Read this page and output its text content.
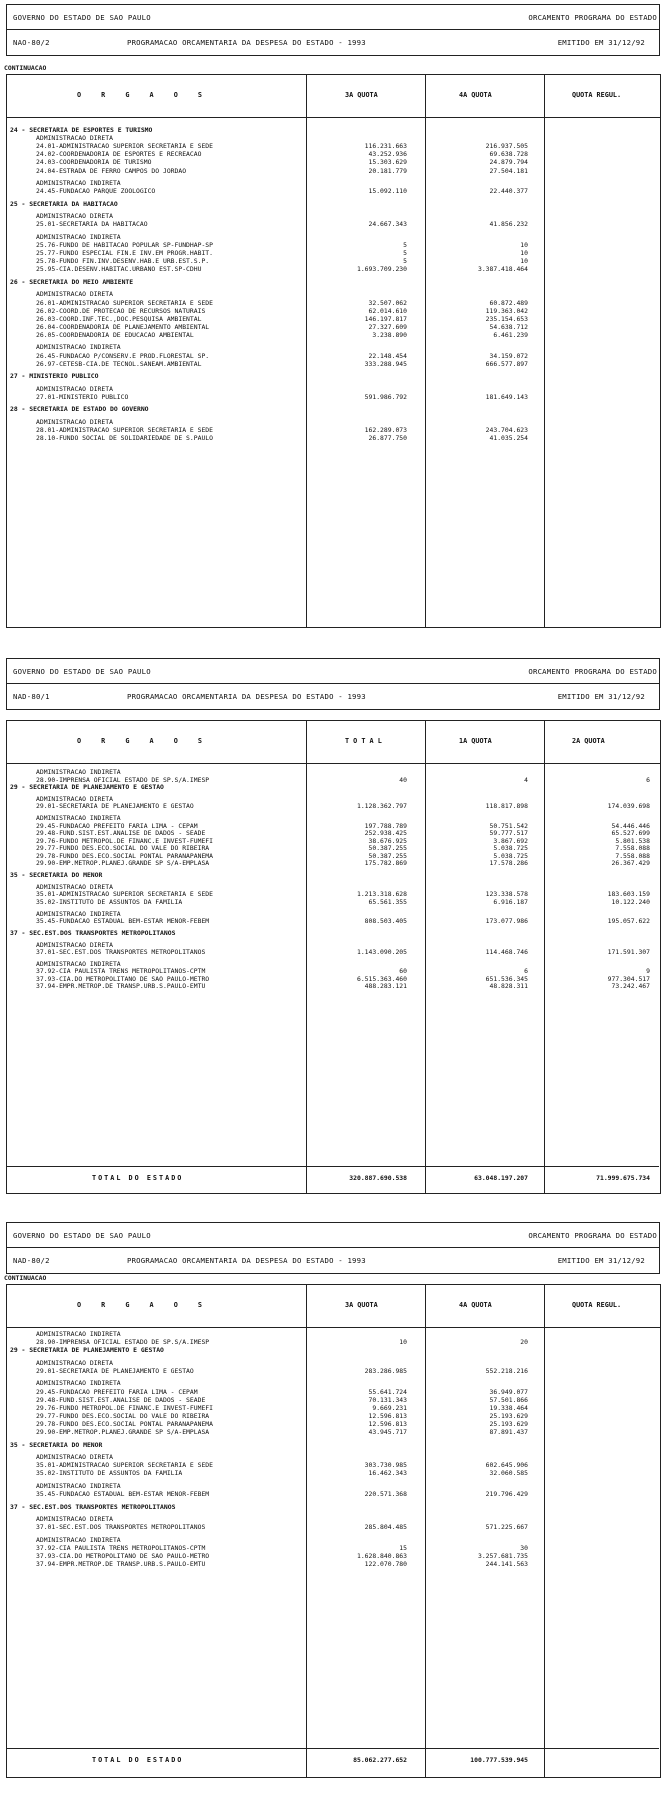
GOVERNO DO ESTADO DE SAO PAULO	ORCAMENTO PROGRAMA DO ESTADO
NAO-80/2	PROGRAMACAO ORCAMENTARIA DA DESPESA DO ESTADO - 1993	EMITIDO EM 31/12/92
CONTINUACAO
O R G A O S	3A QUOTA	4A QUOTA	QUOTA REGUL.
24 - SECRETARIA DE ESPORTES E TURISMO
ADMINISTRACAO DIRETA
24.01-ADMINISTRACAO SUPERIOR SECRETARIA E SEDE	116.231.663	216.937.505
24.02-COORDENADORIA DE ESPORTES E RECREACAO	43.252.936	69.638.728
24.03-COORDENADORIA DE TURISMO	15.303.629	24.879.794
24.04-ESTRADA DE FERRO CAMPOS DO JORDAO	20.181.779	27.504.181
ADMINISTRACAO INDIRETA
24.45-FUNDACAO PARQUE ZOOLOGICO	15.092.110	22.440.377
25 - SECRETARIA DA HABITACAO
ADMINISTRACAO DIRETA
25.01-SECRETARIA DA HABITACAO	24.667.343	41.856.232
ADMINISTRACAO INDIRETA
25.76-FUNDO DE HABITACAO POPULAR SP-FUNDHAP-SP	5	10
25.77-FUNDO ESPECIAL FIN.E INV.EM PROGR.HABIT.	5	10
25.78-FUNDO FIN.INV.DESENV.HAB.E URB.EST.S.P.	5	10
25.95-CIA.DESENV.HABITAC.URBANO EST.SP-CDHU	1.693.709.230	3.387.418.464
26 - SECRETARIA DO MEIO AMBIENTE
ADMINISTRACAO DIRETA
26.01-ADMINISTRACAO SUPERIOR SECRETARIA E SEDE	32.507.062	60.872.489
26.02-COORD.DE PROTECAO DE RECURSOS NATURAIS	62.014.610	119.363.042
26.03-COORD.INF.TEC.,DOC.PESQUISA AMBIENTAL	146.197.817	235.154.653
26.04-COORDENADORIA DE PLANEJAMENTO AMBIENTAL	27.327.609	54.638.712
26.05-COORDENADORIA DE EDUCACAO AMBIENTAL	3.238.890	6.461.239
ADMINISTRACAO INDIRETA
26.45-FUNDACAO P/CONSERV.E PROD.FLORESTAL SP.	22.148.454	34.159.072
26.97-CETESB-CIA.DE TECNOL.SANEAM.AMBIENTAL	333.288.945	666.577.897
27 - MINISTERIO PUBLICO
ADMINISTRACAO DIRETA
27.01-MINISTERIO PUBLICO	591.986.792	181.649.143
28 - SECRETARIA DE ESTADO DO GOVERNO
ADMINISTRACAO DIRETA
28.01-ADMINISTRACAO SUPERIOR SECRETARIA E SEDE	162.289.073	243.704.623
28.10-FUNDO SOCIAL DE SOLIDARIEDADE DE S.PAULO	26.877.750	41.035.254
GOVERNO DO ESTADO DE SAO PAULO	ORCAMENTO PROGRAMA DO ESTADO
NAD-80/1	PROGRAMACAO ORCAMENTARIA DA DESPESA DO ESTADO - 1993	EMITIDO EM 31/12/92
O R G A O S	T O T A L	1A QUOTA	2A QUOTA
ADMINISTRACAO INDIRETA
28.90-IMPRENSA OFICIAL ESTADO DE SP.S/A.IMESP	40	4	6
29 - SECRETARIA DE PLANEJAMENTO E GESTAO
ADMINISTRACAO DIRETA
29.01-SECRETARIA DE PLANEJAMENTO E GESTAO	1.128.362.797	118.817.898	174.039.698
ADMINISTRACAO INDIRETA
29.45-FUNDACAO PREFEITO FARIA LIMA - CEPAM	197.788.789	50.751.542	54.446.446
29.48-FUND.SIST.EST.ANALISE DE DADOS - SEADE	252.938.425	59.777.517	65.527.699
29.76-FUNDO METROPOL.DE FINANC.E INVEST-FUMEFI	38.676.925	3.867.692	5.801.538
29.77-FUNDO DES.ECO.SOCIAL DO VALE DO RIBEIRA	50.387.255	5.038.725	7.558.088
29.78-FUNDO DES.ECO.SOCIAL PONTAL PARANAPANEMA	50.387.255	5.038.725	7.558.088
29.90-EMP.METROP.PLANEJ.GRANDE SP S/A-EMPLASA	175.782.869	17.578.286	26.367.429
35 - SECRETARIA DO MENOR
ADMINISTRACAO DIRETA
35.01-ADMINISTRACAO SUPERIOR SECRETARIA E SEDE	1.213.318.628	123.338.578	183.603.159
35.02-INSTITUTO DE ASSUNTOS DA FAMILIA	65.561.355	6.916.187	10.122.240
ADMINISTRACAO INDIRETA
35.45-FUNDACAO ESTADUAL BEM-ESTAR MENOR-FEBEM	808.503.405	173.077.986	195.057.622
37 - SEC.EST.DOS TRANSPORTES METROPOLITANOS
ADMINISTRACAO DIRETA
37.01-SEC.EST.DOS TRANSPORTES METROPOLITANOS	1.143.090.205	114.468.746	171.591.307
ADMINISTRACAO INDIRETA
37.92-CIA PAULISTA TRENS METROPOLITANOS-CPTM	60	6	9
37.93-CIA.DO METROPOLITANO DE SAO PAULO-METRO	6.515.363.460	651.536.345	977.304.517
37.94-EMPR.METROP.DE TRANSP.URB.S.PAULO-EMTU	488.283.121	48.828.311	73.242.467
TOTAL DO ESTADO	320.887.690.538	63.048.197.207	71.999.675.734
GOVERNO DO ESTADO DE SAO PAULO	ORCAMENTO PROGRAMA DO ESTADO
NAD-80/2	PROGRAMACAO ORCAMENTARIA DA DESPESA DO ESTADO - 1993	EMITIDO EM 31/12/92
CONTINUACAO
O R G A O S	3A QUOTA	4A QUOTA	QUOTA REGUL.
ADMINISTRACAO INDIRETA
28.90-IMPRENSA OFICIAL ESTADO DE SP.S/A.IMESP	10	20
29 - SECRETARIA DE PLANEJAMENTO E GESTAO
ADMINISTRACAO DIRETA
29.01-SECRETARIA DE PLANEJAMENTO E GESTAO	283.286.985	552.218.216
ADMINISTRACAO INDIRETA
29.45-FUNDACAO PREFEITO FARIA LIMA - CEPAM	55.641.724	36.949.077
29.48-FUND.SIST.EST.ANALISE DE DADOS - SEADE	70.131.343	57.501.866
29.76-FUNDO METROPOL.DE FINANC.E INVEST-FUMEFI	9.669.231	19.338.464
29.77-FUNDO DES.ECO.SOCIAL DO VALE DO RIBEIRA	12.596.813	25.193.629
29.78-FUNDO DES.ECO.SOCIAL PONTAL PARANAPANEMA	12.596.813	25.193.629
29.90-EMP.METROP.PLANEJ.GRANDE SP S/A-EMPLASA	43.945.717	87.891.437
35 - SECRETARIA DO MENOR
ADMINISTRACAO DIRETA
35.01-ADMINISTRACAO SUPERIOR SECRETARIA E SEDE	303.730.985	602.645.906
35.02-INSTITUTO DE ASSUNTOS DA FAMILIA	16.462.343	32.060.585
ADMINISTRACAO INDIRETA
35.45-FUNDACAO ESTADUAL BEM-ESTAR MENOR-FEBEM	220.571.368	219.796.429
37 - SEC.EST.DOS TRANSPORTES METROPOLITANOS
ADMINISTRACAO DIRETA
37.01-SEC.EST.DOS TRANSPORTES METROPOLITANOS	285.804.485	571.225.667
ADMINISTRACAO INDIRETA
37.92-CIA PAULISTA TRENS METROPOLITANOS-CPTM	15	30
37.93-CIA.DO METROPOLITANO DE SAO PAULO-METRO	1.628.840.863	3.257.681.735
37.94-EMPR.METROP.DE TRANSP.URB.S.PAULO-EMTU	122.070.780	244.141.563
TOTAL DO ESTADO	85.062.277.652	100.777.539.945
